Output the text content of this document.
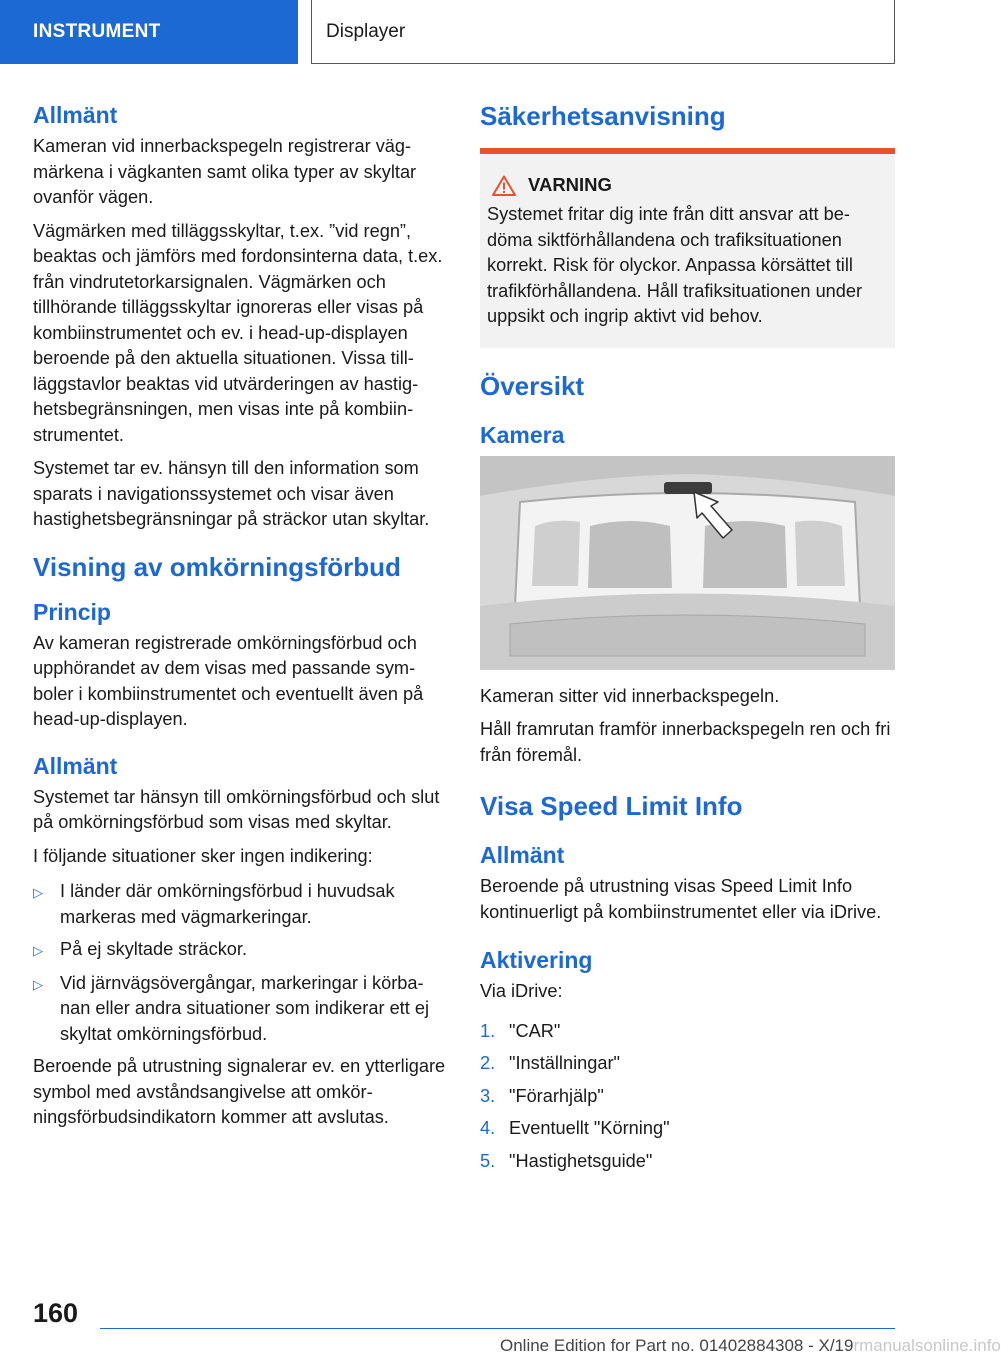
INSTRUMENT	Displayer
Allmänt

Kameran vid innerbackspegeln registrerar vägmärkena i vägkanten samt olika typer av skyltar ovanför vägen.

Vägmärken med tilläggsskyltar, t.ex. ”vid regn”, beaktas och jämförs med fordonsinterna data, t.ex. från vindrutetorkarsignalen. Vägmärken och tillhörande tilläggsskyltar ignoreras eller visas på kombiinstrumentet och ev. i head-up-displayen beroende på den aktuella situationen. Vissa tillläggstavlor beaktas vid utvärderingen av hastighetsbegränsningen, men visas inte på kombiinstrumentet.

Systemet tar ev. hänsyn till den information som sparats i navigationssystemet och visar även hastighetsbegränsningar på sträckor utan skyltar.

Visning av omkörningsförbud
Princip

Av kameran registrerade omkörningsförbud och upphörandet av dem visas med passande symboler i kombiinstrumentet och eventuellt även på head-up-displayen.

Allmänt

Systemet tar hänsyn till omkörningsförbud och slut på omkörningsförbud som visas med skyltar.

I följande situationer sker ingen indikering:

▷ I länder där omkörningsförbud i huvudsak markeras med vägmarkeringar.
▷ På ej skyltade sträckor.
▷ Vid järnvägsövergångar, markeringar i körbanan eller andra situationer som indikerar ett ej skyltat omkörningsförbud.

Beroende på utrustning signalerar ev. en ytterligare symbol med avståndsangivelse att omkörningsförbudsindikatorn kommer att avslutas.

Säkerhetsanvisning
VARNING

Systemet fritar dig inte från ditt ansvar att bedöma siktförhållandena och trafiksituationen korrekt. Risk för olyckor. Anpassa körsättet till trafikförhållandena. Håll trafiksituationen under uppsikt och ingrip aktivt vid behov.

Översikt
Kamera

Kameran sitter vid innerbackspegeln.

Håll framrutan framför innerbackspegeln ren och fri från föremål.

Visa Speed Limit Info
Allmänt

Beroende på utrustning visas Speed Limit Info kontinuerligt på kombiinstrumentet eller via iDrive.

Aktivering

Via iDrive:

1. "CAR"
2. "Inställningar"
3. "Förarhjälp"
4. Eventuellt "Körning"
5. "Hastighetsguide"
160
Online Edition for Part no. 01402884308 - X/19rmanualsonline.info
